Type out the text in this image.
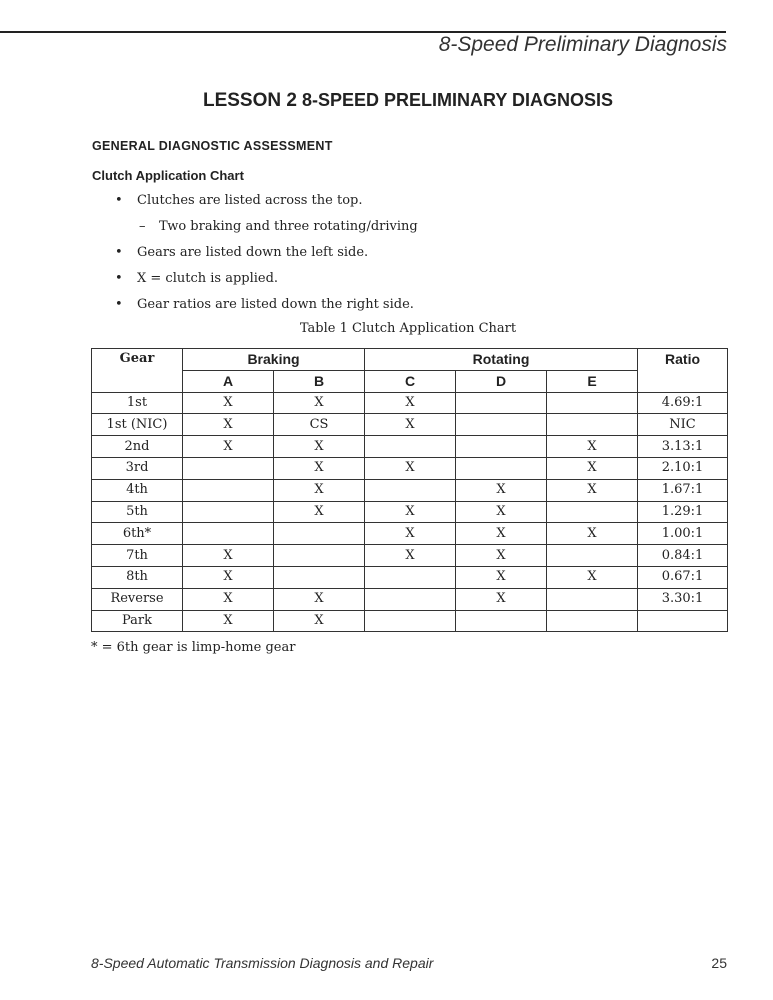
8-Speed Preliminary Diagnosis
LESSON 2 8-SPEED PRELIMINARY DIAGNOSIS
GENERAL DIAGNOSTIC ASSESSMENT
Clutch Application Chart
• Clutches are listed across the top.
– Two braking and three rotating/driving
• Gears are listed down the left side.
• X = clutch is applied.
• Gear ratios are listed down the right side.
Table 1 Clutch Application Chart
Gear	Braking		Rotating			Ratio
	A	B	C	D	E	
1st	X	X	X			4.69:1
1st (NIC)	X	CS	X			NIC
2nd	X	X			X	3.13:1
3rd		X	X		X	2.10:1
4th		X		X	X	1.67:1
5th		X	X	X		1.29:1
6th*			X	X	X	1.00:1
7th	X		X	X		0.84:1
8th	X			X	X	0.67:1
Reverse	X	X		X		3.30:1
Park	X	X				
* = 6th gear is limp-home gear
8-Speed Automatic Transmission Diagnosis and Repair	25
